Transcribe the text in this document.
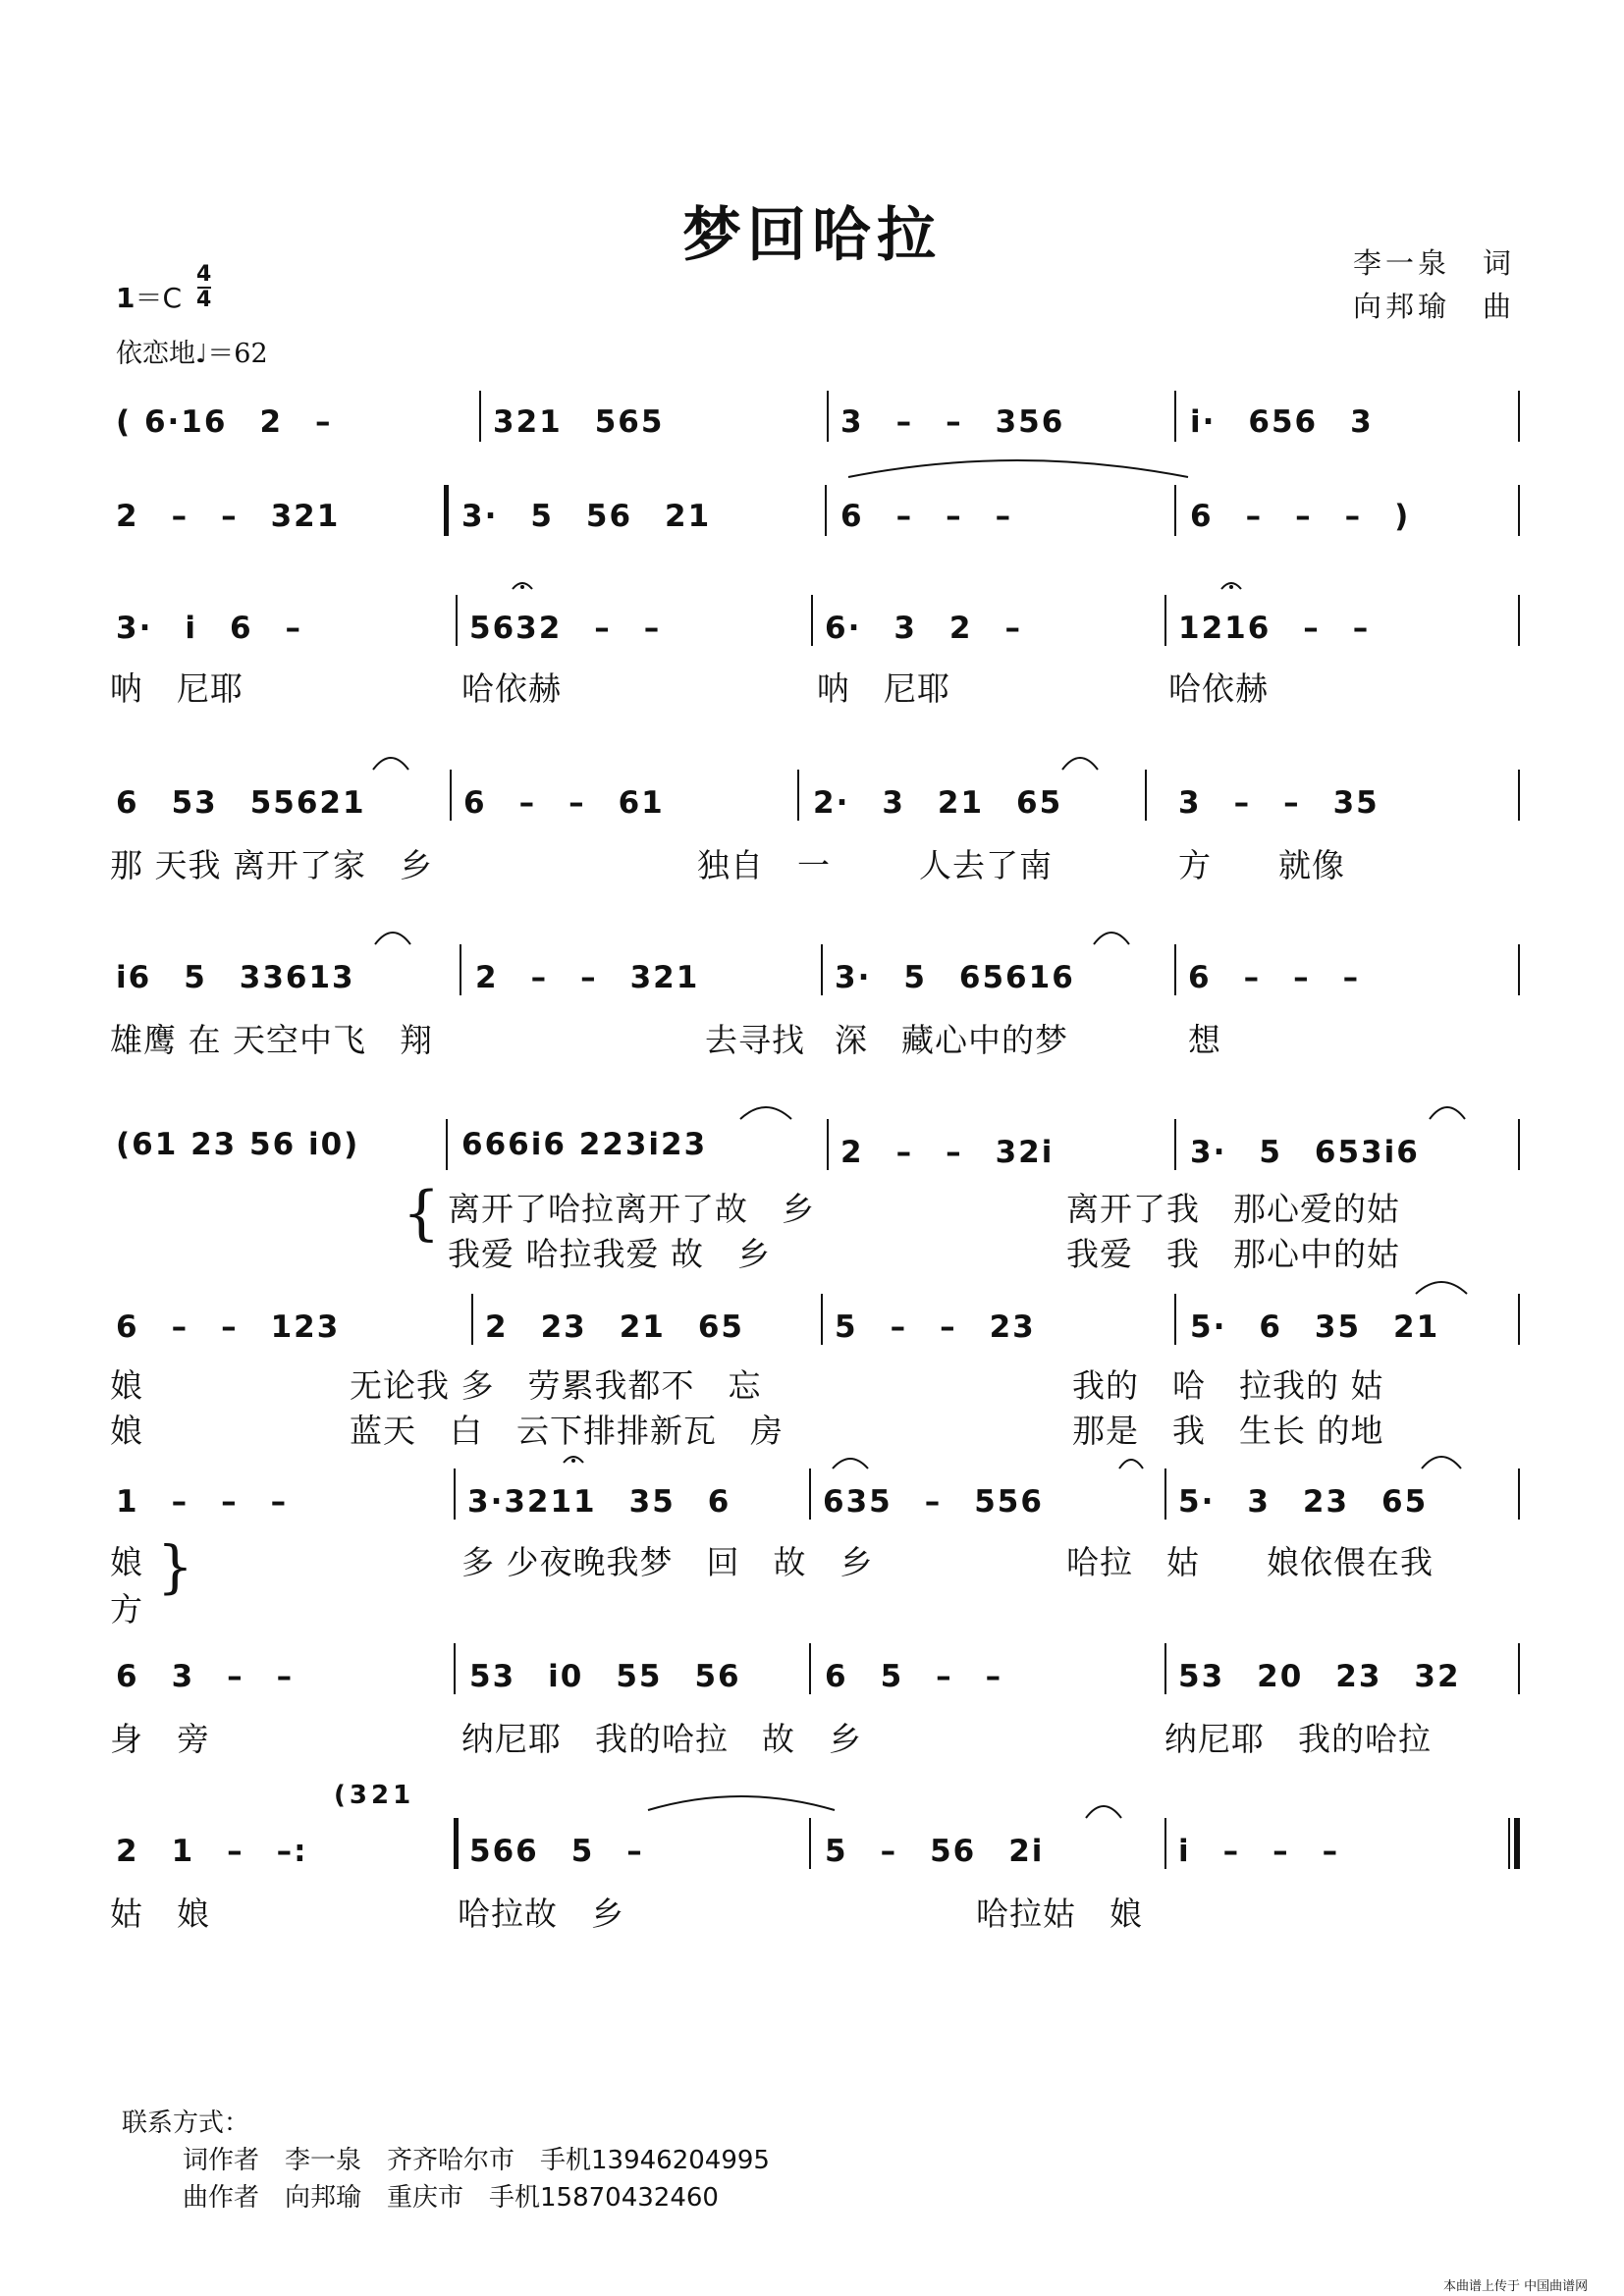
梦回哈拉	李一泉　词
向邦瑜　曲
1＝C
4
4
依恋地♩＝62
( 6·16　2　–	321　565	3　–　–　356	i·　656　3
2　–　–　321	3·　5　56　21	6　–　–　–	6　–　–　–　)
3·　i　6　–	5632　–　–	6·　3　2　–	1216　–　–
呐　尼耶	哈依赫	呐　尼耶	哈依赫
6　53　55621	6　–　–　61	2·　3　21　65	3　–　–　35
那 天我 离开了家　乡	独自　一	人去了南	方　　就像
i6　5　33613	2　–　–　321	3·　5　65616	6　–　–　–
雄鹰 在 天空中飞　翔	去寻找 深　藏心中的梦	想
(61 23 56 i0)	666i6 223i23	2　–　–　32i	3·　5　653i6
{ 离开了哈拉离开了故　乡	离开了我　那心爱的姑
我爱 哈拉我爱 故　乡	我爱　我　那心中的姑
6　–　–　123	2　23　21　65	5　–　–　23	5·　6　35　21
娘	无论我 多　劳累我都不　忘	我的　哈　拉我的 姑
娘	蓝天　白　云下排排新瓦　房	那是　我　生长 的地
1　–　–　–	3·3211　35　6	635　–　556	5·　3　23　65
娘
方
}	多 少夜晚我梦　回　故　乡	哈拉　姑　　娘依偎在我
6　3　–　–	53　i0　55　56	6　5　–　–	53　20　23　32
身　旁	纳尼耶　我的哈拉　故　乡	纳尼耶　我的哈拉
(321
2　1　–　–:	566　5　–	5　–　56　2i	i　–　–　–
姑　娘	哈拉故　乡	哈拉姑　娘
联系方式：
词作者　李一泉　齐齐哈尔市　手机13946204995
曲作者　向邦瑜　重庆市　手机15870432460
本曲谱上传于 中国曲谱网
